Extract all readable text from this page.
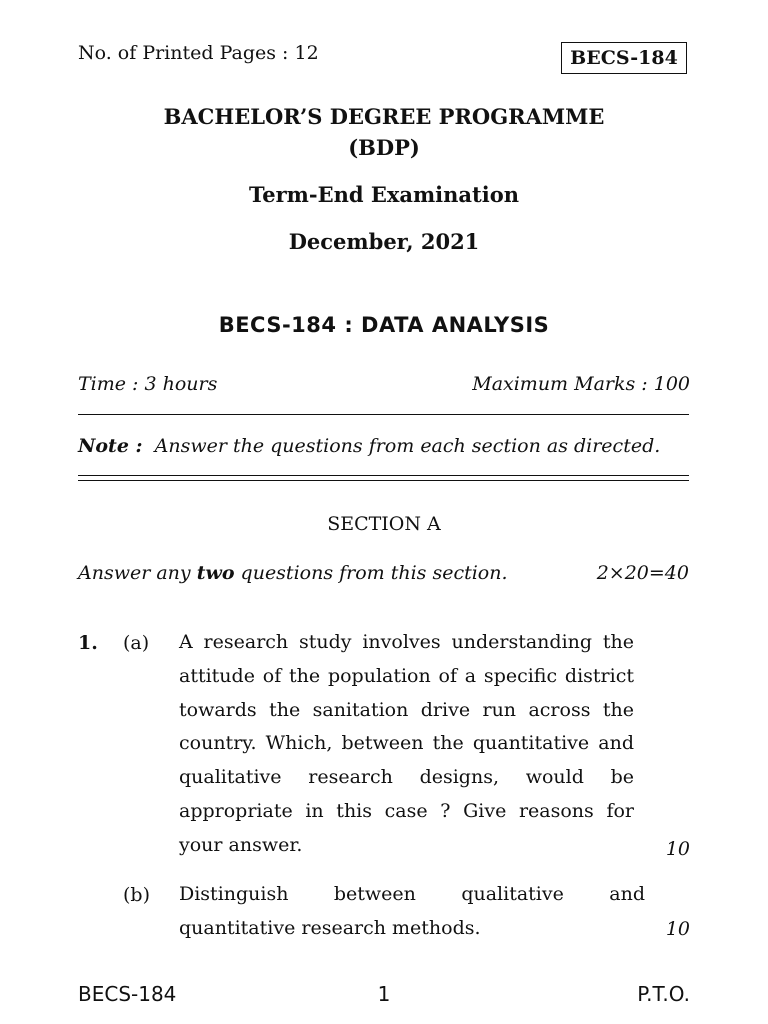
No. of Printed Pages : 12	BECS-184
BACHELOR’S DEGREE PROGRAMME
(BDP)
Term-End Examination
December, 2021
BECS-184 : DATA ANALYSIS
Time : 3 hours	Maximum Marks : 100
Note : Answer the questions from each section as directed.
SECTION A
Answer any two questions from this section.	2×20=40
1. (a) A research study involves understanding the attitude of the population of a specific district towards the sanitation drive run across the country. Which, between the quantitative and qualitative research designs, would be appropriate in this case ? Give reasons for your answer.	10
(b) Distinguish between qualitative and quantitative research methods.	10
BECS-184	1	P.T.O.
